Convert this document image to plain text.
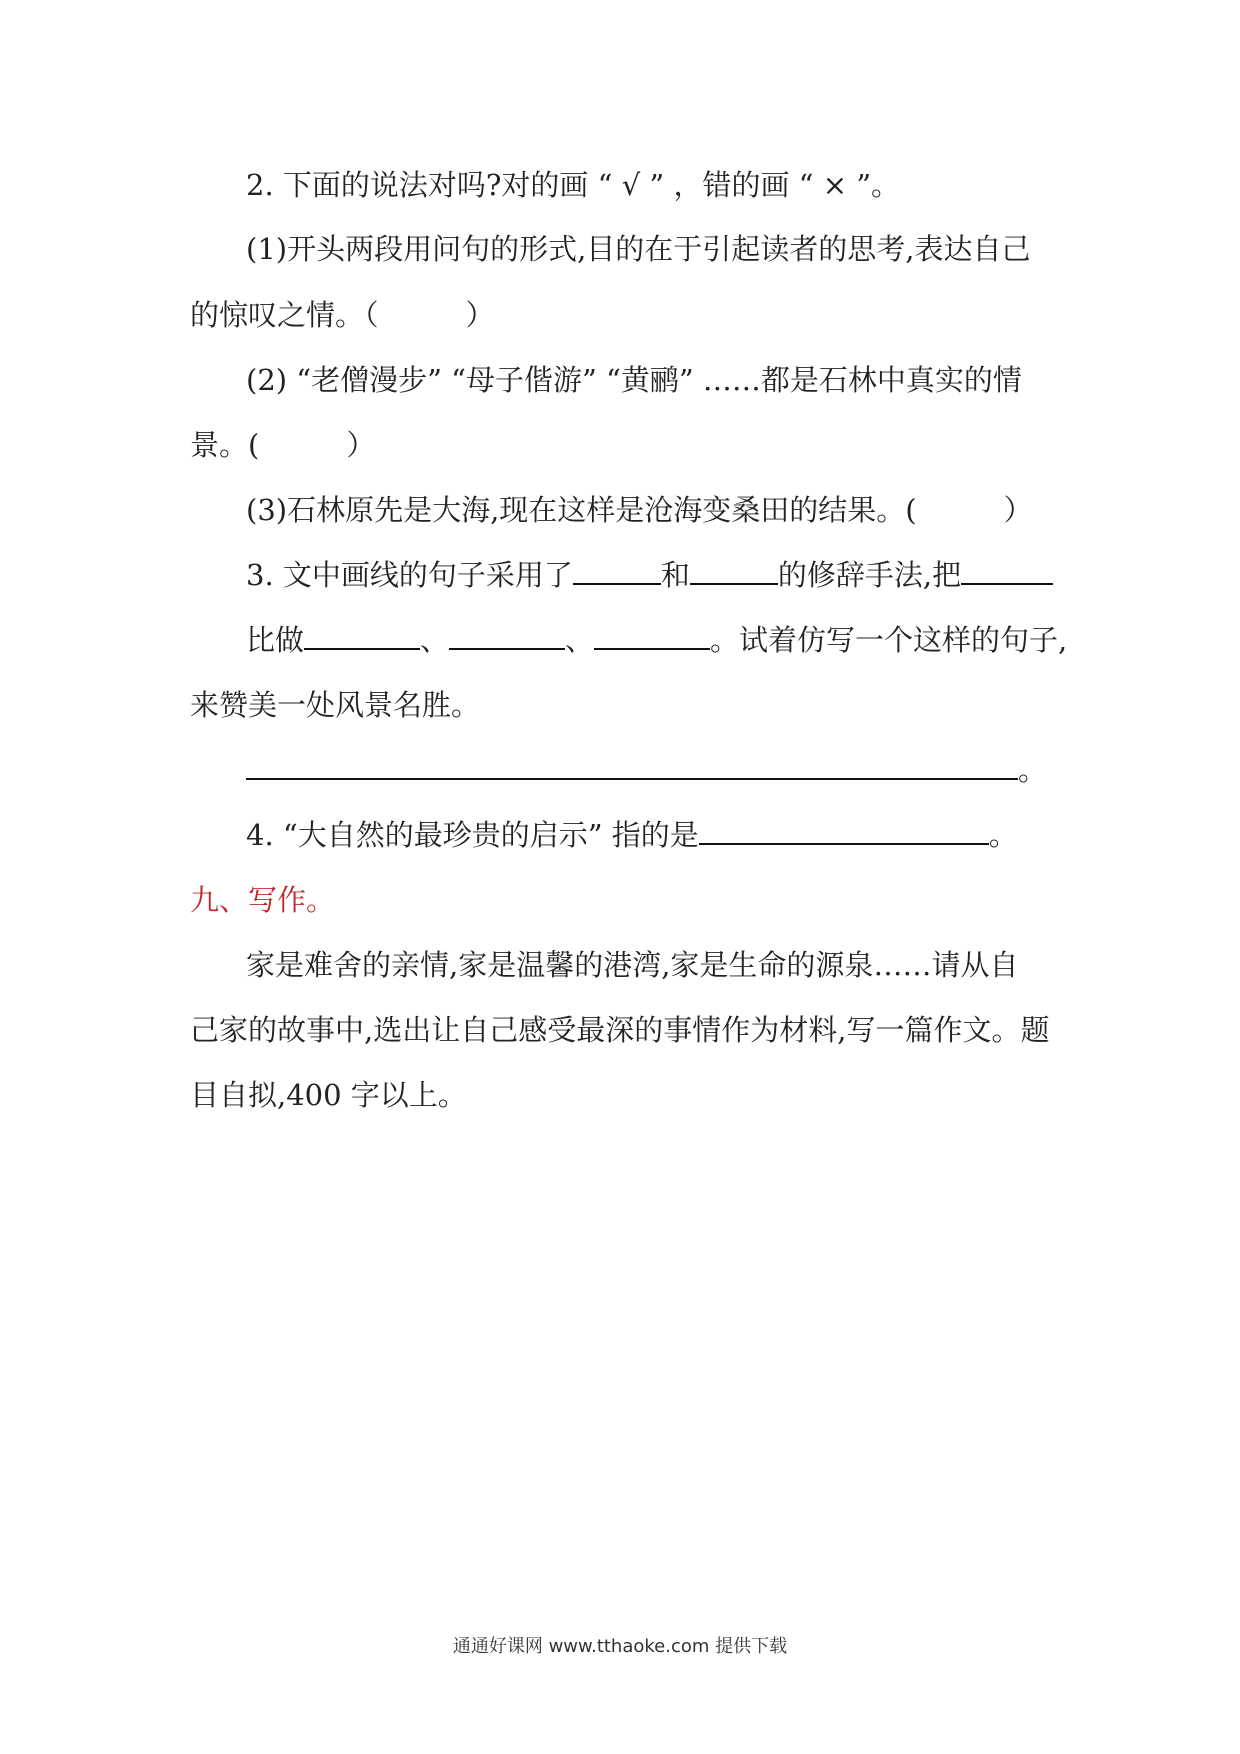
2. 下面的说法对吗?对的画 “ √ ” ，错的画 “ × ”。
(1)开头两段用问句的形式,目的在于引起读者的思考,表达自己
的惊叹之情。（　　　）
(2) “老僧漫步” “母子偕游” “黄鹂” ……都是石林中真实的情
景。(　　　）
(3)石林原先是大海,现在这样是沧海变桑田的结果。(　　　）
3. 文中画线的句子采用了	和	的修辞手法,把
比做	、	、	。试着仿写一个这样的句子,
来赞美一处风景名胜。
。
4. “大自然的最珍贵的启示” 指的是	。
九、写作。
家是难舍的亲情,家是温馨的港湾,家是生命的源泉……请从自
己家的故事中,选出让自己感受最深的事情作为材料,写一篇作文。题
目自拟,400 字以上。
通通好课网 www.tthaoke.com 提供下载
